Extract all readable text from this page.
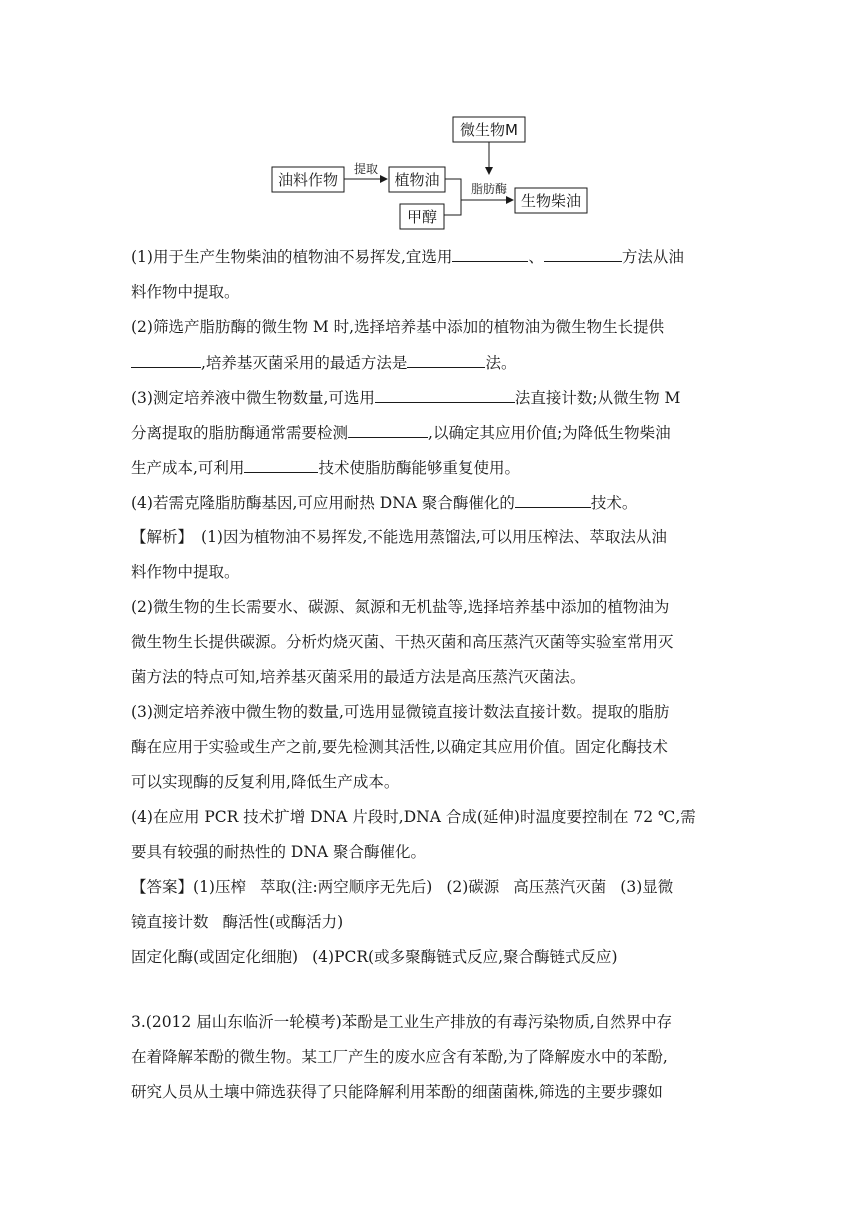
微生物M
油料作物	植物油
甲醇
生物柴油
提取
脂肪酶
(1)用于生产生物柴油的植物油不易挥发,宜选用	、	方法从油
料作物中提取。
(2)筛选产脂肪酶的微生物 M 时,选择培养基中添加的植物油为微生物生长提供
,培养基灭菌采用的最适方法是	法。
(3)测定培养液中微生物数量,可选用	法直接计数;从微生物 M
分离提取的脂肪酶通常需要检测	,以确定其应用价值;为降低生物柴油
生产成本,可利用	技术使脂肪酶能够重复使用。
(4)若需克隆脂肪酶基因,可应用耐热 DNA 聚合酶催化的	技术。
【解析】 (1)因为植物油不易挥发,不能选用蒸馏法,可以用压榨法、萃取法从油
料作物中提取。
(2)微生物的生长需要水、碳源、氮源和无机盐等,选择培养基中添加的植物油为
微生物生长提供碳源。分析灼烧灭菌、干热灭菌和高压蒸汽灭菌等实验室常用灭
菌方法的特点可知,培养基灭菌采用的最适方法是高压蒸汽灭菌法。
(3)测定培养液中微生物的数量,可选用显微镜直接计数法直接计数。提取的脂肪
酶在应用于实验或生产之前,要先检测其活性,以确定其应用价值。固定化酶技术
可以实现酶的反复利用,降低生产成本。
(4)在应用 PCR 技术扩增 DNA 片段时,DNA 合成(延伸)时温度要控制在 72 ℃,需
要具有较强的耐热性的 DNA 聚合酶催化。
【答案】(1)压榨 萃取(注:两空顺序无先后) (2)碳源 高压蒸汽灭菌 (3)显微
镜直接计数 酶活性(或酶活力)
固定化酶(或固定化细胞) (4)PCR(或多聚酶链式反应,聚合酶链式反应)
3.(2012 届山东临沂一轮模考)苯酚是工业生产排放的有毒污染物质,自然界中存
在着降解苯酚的微生物。某工厂产生的废水应含有苯酚,为了降解废水中的苯酚,
研究人员从土壤中筛选获得了只能降解利用苯酚的细菌菌株,筛选的主要步骤如
